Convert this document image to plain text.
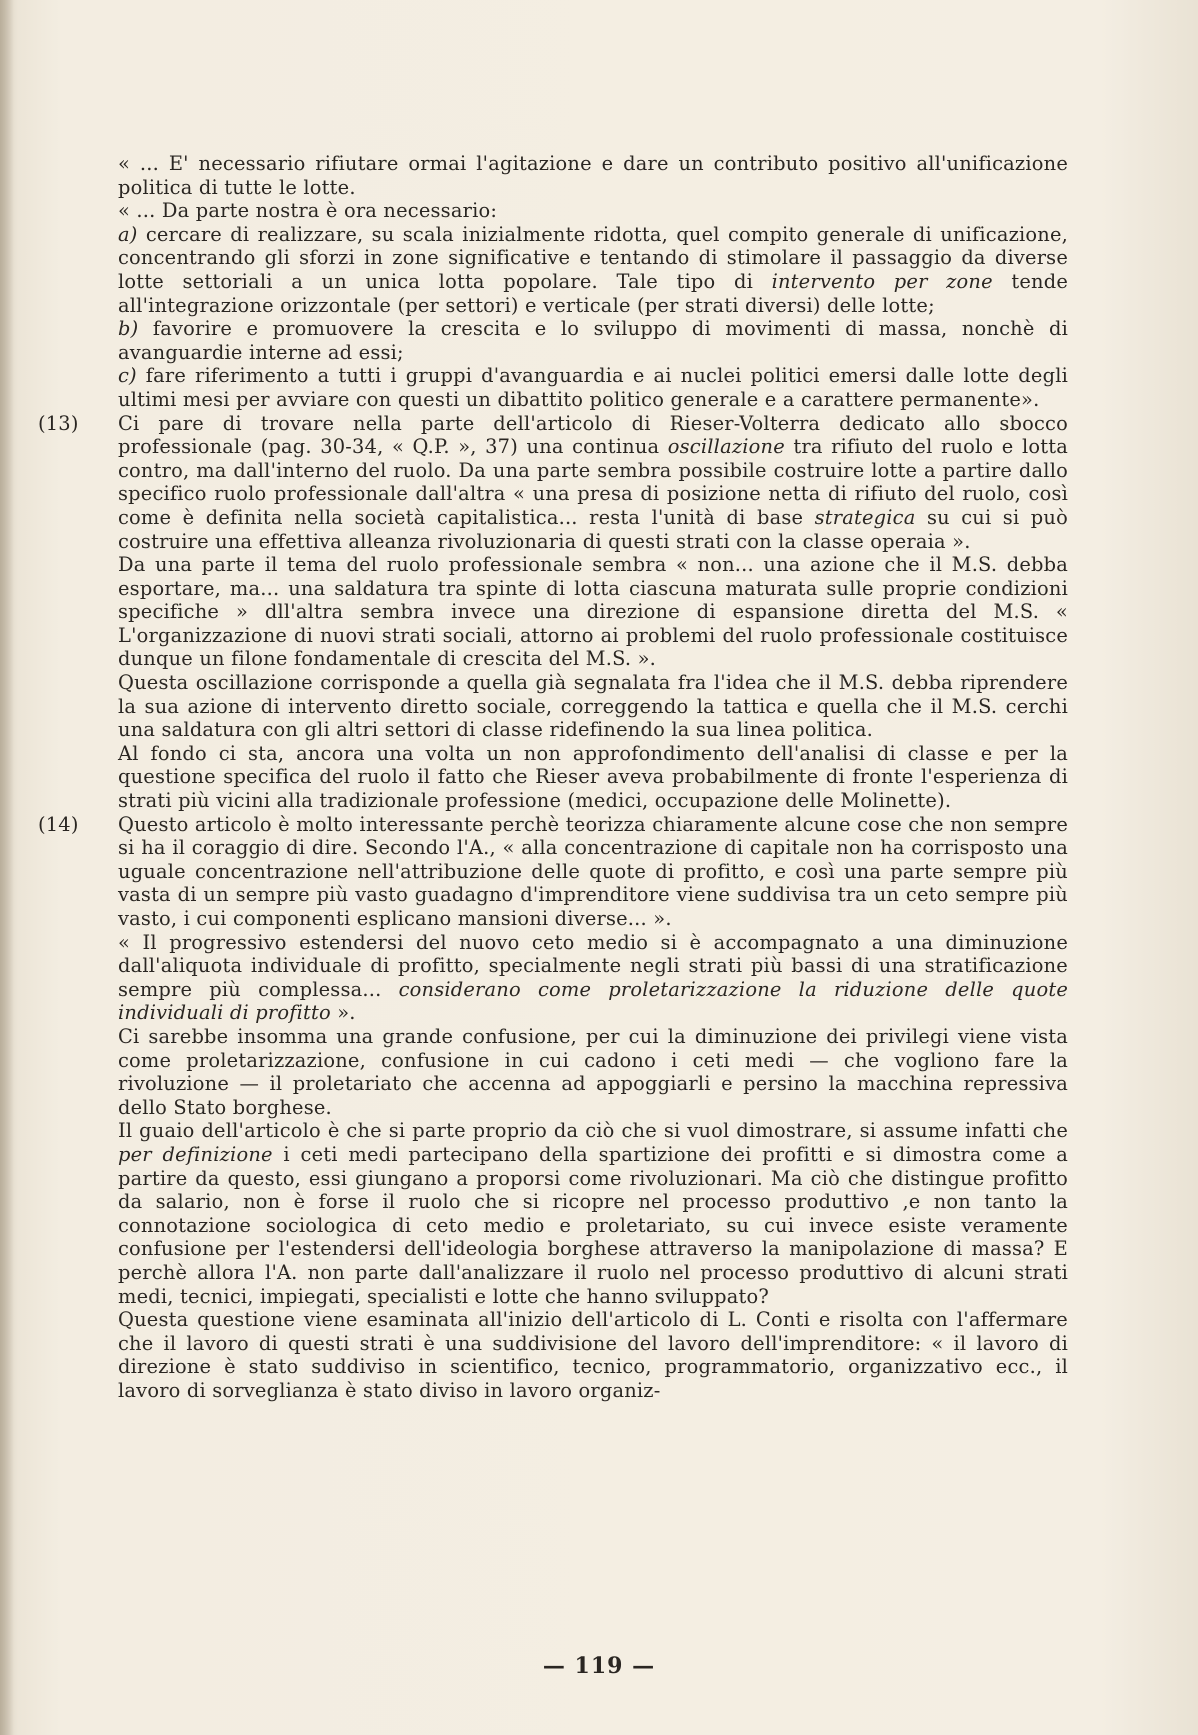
« ... E' necessario rifiutare ormai l'agitazione e dare un contributo positivo all'unificazione politica di tutte le lotte.

« ... Da parte nostra è ora necessario:

a) cercare di realizzare, su scala inizialmente ridotta, quel compito generale di unificazione, concentrando gli sforzi in zone significative e tentando di stimolare il passaggio da diverse lotte settoriali a un unica lotta popolare. Tale tipo di intervento per zone tende all'integrazione orizzontale (per settori) e verticale (per strati diversi) delle lotte;

b) favorire e promuovere la crescita e lo sviluppo di movimenti di massa, nonchè di avanguardie interne ad essi;

c) fare riferimento a tutti i gruppi d'avanguardia e ai nuclei politici emersi dalle lotte degli ultimi mesi per avviare con questi un dibattito politico generale e a carattere permanente».

(13)	Ci pare di trovare nella parte dell'articolo di Rieser-Volterra dedicato allo sbocco professionale (pag. 30-34, « Q.P. », 37) una continua oscillazione tra rifiuto del ruolo e lotta contro, ma dall'interno del ruolo. Da una parte sembra possibile costruire lotte a partire dallo specifico ruolo professionale dall'altra « una presa di posizione netta di rifiuto del ruolo, così come è definita nella società capitalistica... resta l'unità di base strategica su cui si può costruire una effettiva alleanza rivoluzionaria di questi strati con la classe operaia ».

Da una parte il tema del ruolo professionale sembra « non... una azione che il M.S. debba esportare, ma... una saldatura tra spinte di lotta ciascuna maturata sulle proprie condizioni specifiche » dll'altra sembra invece una direzione di espansione diretta del M.S. « L'organizzazione di nuovi strati sociali, attorno ai problemi del ruolo professionale costituisce dunque un filone fondamentale di crescita del M.S. ».

Questa oscillazione corrisponde a quella già segnalata fra l'idea che il M.S. debba riprendere la sua azione di intervento diretto sociale, correggendo la tattica e quella che il M.S. cerchi una saldatura con gli altri settori di classe ridefinendo la sua linea politica.

Al fondo ci sta, ancora una volta un non approfondimento dell'analisi di classe e per la questione specifica del ruolo il fatto che Rieser aveva probabilmente di fronte l'esperienza di strati più vicini alla tradizionale professione (medici, occupazione delle Molinette).

(14)	Questo articolo è molto interessante perchè teorizza chiaramente alcune cose che non sempre si ha il coraggio di dire. Secondo l'A., « alla concentrazione di capitale non ha corrisposto una uguale concentrazione nell'attribuzione delle quote di profitto, e così una parte sempre più vasta di un sempre più vasto guadagno d'imprenditore viene suddivisa tra un ceto sempre più vasto, i cui componenti esplicano mansioni diverse... ».

« Il progressivo estendersi del nuovo ceto medio si è accompagnato a una diminuzione dall'aliquota individuale di profitto, specialmente negli strati più bassi di una stratificazione sempre più complessa... considerano come proletarizzazione la riduzione delle quote individuali di profitto ».

Ci sarebbe insomma una grande confusione, per cui la diminuzione dei privilegi viene vista come proletarizzazione, confusione in cui cadono i ceti medi — che vogliono fare la rivoluzione — il proletariato che accenna ad appoggiarli e persino la macchina repressiva dello Stato borghese.

Il guaio dell'articolo è che si parte proprio da ciò che si vuol dimostrare, si assume infatti che per definizione i ceti medi partecipano della spartizione dei profitti e si dimostra come a partire da questo, essi giungano a proporsi come rivoluzionari. Ma ciò che distingue profitto da salario, non è forse il ruolo che si ricopre nel processo produttivo ,e non tanto la connotazione sociologica di ceto medio e proletariato, su cui invece esiste veramente confusione per l'estendersi dell'ideologia borghese attraverso la manipolazione di massa? E perchè allora l'A. non parte dall'analizzare il ruolo nel processo produttivo di alcuni strati medi, tecnici, impiegati, specialisti e lotte che hanno sviluppato?

Questa questione viene esaminata all'inizio dell'articolo di L. Conti e risolta con l'affermare che il lavoro di questi strati è una suddivisione del lavoro dell'imprenditore: « il lavoro di direzione è stato suddiviso in scientifico, tecnico, programmatorio, organizzativo ecc., il lavoro di sorveglianza è stato diviso in lavoro organiz-

— 119 —
